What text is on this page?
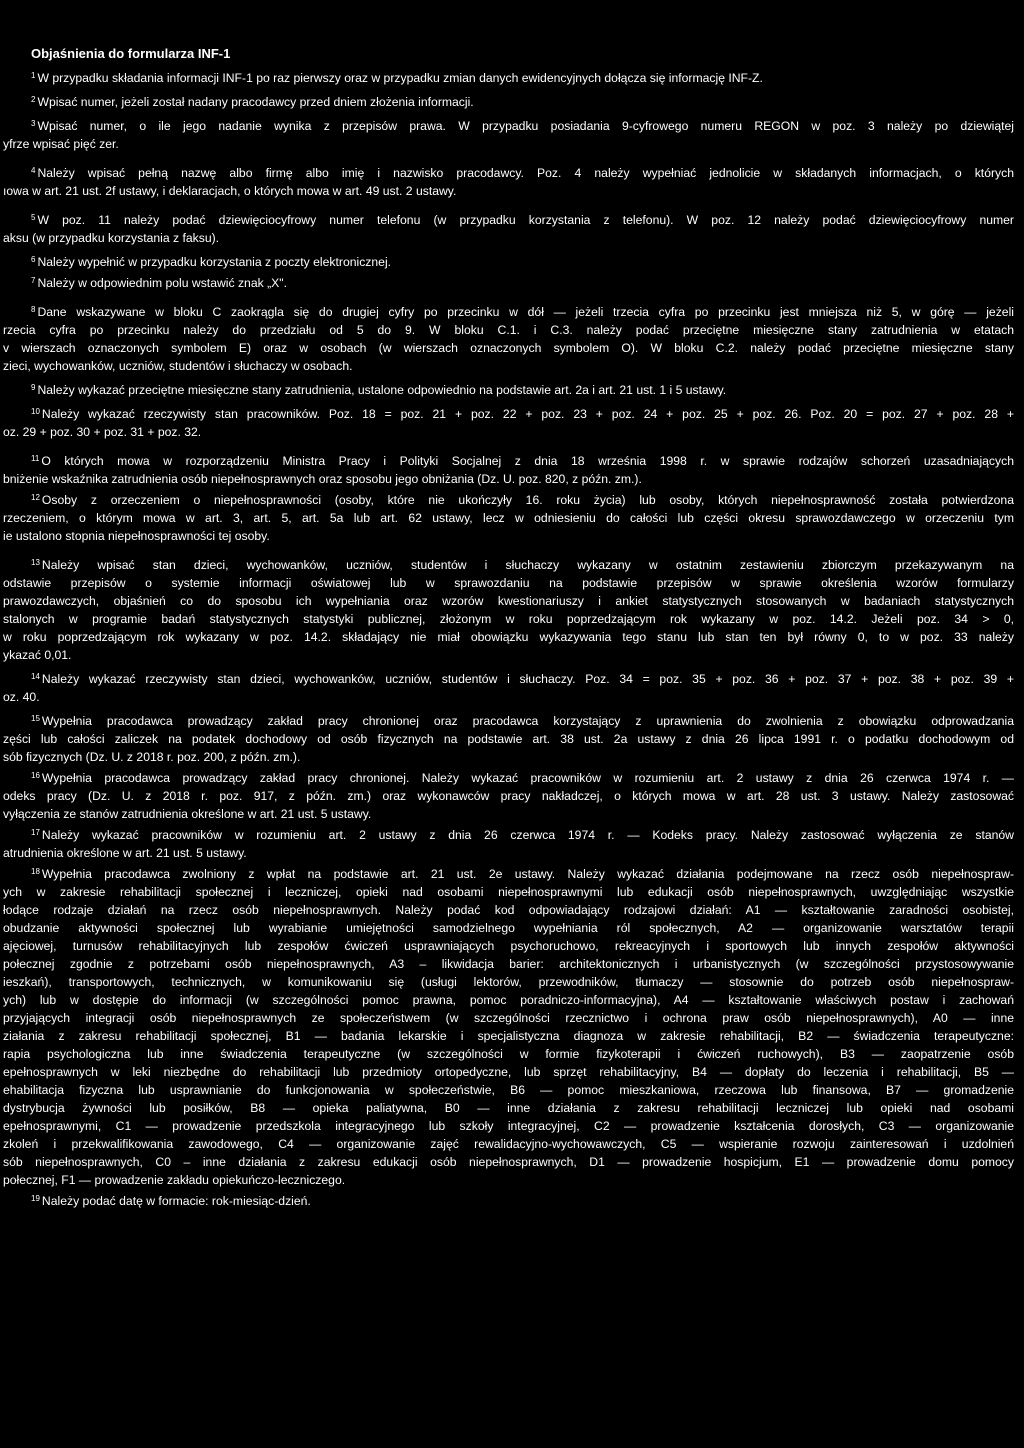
Objaśnienia do formularza INF-1
$^1$ W przypadku składania informacji INF-1 po raz pierwszy oraz w przypadku zmian danych ewidencyjnych dołącza się informację INF-Z.
$^2$ Wpisać numer, jeżeli został nadany pracodawcy przed dniem złożenia informacji.
$^3$ Wpisać numer, o ile jego nadanie wynika z przepisów prawa. W przypadku posiadania 9-cyfrowego numeru REGON w poz. 3 należy po dziewiątej
yfrze wpisać pięć zer.
$^4$ Należy wpisać pełną nazwę albo firmę albo imię i nazwisko pracodawcy. Poz. 4 należy wypełniać jednolicie w składanych informacjach, o których
ıowa w art. 21 ust. 2f ustawy, i deklaracjach, o których mowa w art. 49 ust. 2 ustawy.
$^5$ W poz. 11 należy podać dziewięciocyfrowy numer telefonu (w przypadku korzystania z telefonu). W poz. 12 należy podać dziewięciocyfrowy numer
aksu (w przypadku korzystania z faksu).
$^6$ Należy wypełnić w przypadku korzystania z poczty elektronicznej.
$^7$ Należy w odpowiednim polu wstawić znak „X".
$^8$ Dane wskazywane w bloku C zaokrągla się do drugiej cyfry po przecinku w dół — jeżeli trzecia cyfra po przecinku jest mniejsza niż 5, w górę — jeżeli
rzecia cyfra po przecinku należy do przedziału od 5 do 9. W bloku C.1. i C.3. należy podać przeciętne miesięczne stany zatrudnienia w etatach
v wierszach oznaczonych symbolem E) oraz w osobach (w wierszach oznaczonych symbolem O). W bloku C.2. należy podać przeciętne miesięczne stany
zieci, wychowanków, uczniów, studentów i słuchaczy w osobach.
$^9$ Należy wykazać przeciętne miesięczne stany zatrudnienia, ustalone odpowiednio na podstawie art. 2a i art. 21 ust. 1 i 5 ustawy.
$^{10}$ Należy wykazać rzeczywisty stan pracowników. Poz. 18 = poz. 21 + poz. 22 + poz. 23 + poz. 24 + poz. 25 + poz. 26. Poz. 20 = poz. 27 + poz. 28 +
oz. 29 + poz. 30 + poz. 31 + poz. 32.
$^{11}$ O których mowa w rozporządzeniu Ministra Pracy i Polityki Socjalnej z dnia 18 września 1998 r. w sprawie rodzajów schorzeń uzasadniających
bniżenie wskaźnika zatrudnienia osób niepełnosprawnych oraz sposobu jego obniżania (Dz. U. poz. 820, z późn. zm.).
$^{12}$ Osoby z orzeczeniem o niepełnosprawności (osoby, które nie ukończyły 16. roku życia) lub osoby, których niepełnosprawność została potwierdzona
rzeczeniem, o którym mowa w art. 3, art. 5, art. 5a lub art. 62 ustawy, lecz w odniesieniu do całości lub części okresu sprawozdawczego w orzeczeniu tym
ie ustalono stopnia niepełnosprawności tej osoby.
$^{13}$ Należy wpisać stan dzieci, wychowanków, uczniów, studentów i słuchaczy wykazany w ostatnim zestawieniu zbiorczym przekazywanym na
odstawie przepisów o systemie informacji oświatowej lub w sprawozdaniu na podstawie przepisów w sprawie określenia wzorów formularzy
prawozdawczych, objaśnień co do sposobu ich wypełniania oraz wzorów kwestionariuszy i ankiet statystycznych stosowanych w badaniach statystycznych
stalonych w programie badań statystycznych statystyki publicznej, złożonym w roku poprzedzającym rok wykazany w poz. 14.2. Jeżeli poz. 34 > 0,
w roku poprzedzającym rok wykazany w poz. 14.2. składający nie miał obowiązku wykazywania tego stanu lub stan ten był równy 0, to w poz. 33 należy
ykazać 0,01.
$^{14}$ Należy wykazać rzeczywisty stan dzieci, wychowanków, uczniów, studentów i słuchaczy. Poz. 34 = poz. 35 + poz. 36 + poz. 37 + poz. 38 + poz. 39 +
oz. 40.
$^{15}$ Wypełnia pracodawca prowadzący zakład pracy chronionej oraz pracodawca korzystający z uprawnienia do zwolnienia z obowiązku odprowadzania
zęści lub całości zaliczek na podatek dochodowy od osób fizycznych na podstawie art. 38 ust. 2a ustawy z dnia 26 lipca 1991 r. o podatku dochodowym od
sób fizycznych (Dz. U. z 2018 r. poz. 200, z późn. zm.).
$^{16}$ Wypełnia pracodawca prowadzący zakład pracy chronionej. Należy wykazać pracowników w rozumieniu art. 2 ustawy z dnia 26 czerwca 1974 r. —
odeks pracy (Dz. U. z 2018 r. poz. 917, z późn. zm.) oraz wykonawców pracy nakładczej, o których mowa w art. 28 ust. 3 ustawy. Należy zastosować
vyłączenia ze stanów zatrudnienia określone w art. 21 ust. 5 ustawy.
$^{17}$ Należy wykazać pracowników w rozumieniu art. 2 ustawy z dnia 26 czerwca 1974 r. — Kodeks pracy. Należy zastosować wyłączenia ze stanów
atrudnienia określone w art. 21 ust. 5 ustawy.
$^{18}$ Wypełnia pracodawca zwolniony z wpłat na podstawie art. 21 ust. 2e ustawy. Należy wykazać działania podejmowane na rzecz osób niepełnospraw-
ych w zakresie rehabilitacji społecznej i leczniczej, opieki nad osobami niepełnosprawnymi lub edukacji osób niepełnosprawnych, uwzględniając wszystkie
łodące rodzaje działań na rzecz osób niepełnosprawnych. Należy podać kod odpowiadający rodzajowi działań: A1 — kształtowanie zaradności osobistej,
obudzanie aktywności społecznej lub wyrabianie umiejętności samodzielnego wypełniania ról społecznych, A2 — organizowanie warsztatów terapii
ajęciowej, turnusów rehabilitacyjnych lub zespołów ćwiczeń usprawniających psychoruchowo, rekreacyjnych i sportowych lub innych zespołów aktywności
połecznej zgodnie z potrzebami osób niepełnosprawnych, A3 – likwidacja barier: architektonicznych i urbanistycznych (w szczególności przystosowywanie
ieszkań), transportowych, technicznych, w komunikowaniu się (usługi lektorów, przewodników, tłumaczy — stosownie do potrzeb osób niepełnospraw-
ych) lub w dostępie do informacji (w szczególności pomoc prawna, pomoc poradniczo-informacyjna), A4 — kształtowanie właściwych postaw i zachowań
przyjających integracji osób niepełnosprawnych ze społeczeństwem (w szczególności rzecznictwo i ochrona praw osób niepełnosprawnych), A0 — inne
ziałania z zakresu rehabilitacji społecznej, B1 — badania lekarskie i specjalistyczna diagnoza w zakresie rehabilitacji, B2 — świadczenia terapeutyczne:
rapia psychologiczna lub inne świadczenia terapeutyczne (w szczególności w formie fizykoterapii i ćwiczeń ruchowych), B3 — zaopatrzenie osób
epełnosprawnych w leki niezbędne do rehabilitacji lub przedmioty ortopedyczne, lub sprzęt rehabilitacyjny, B4 — dopłaty do leczenia i rehabilitacji, B5 —
ehabilitacja fizyczna lub usprawnianie do funkcjonowania w społeczeństwie, B6 — pomoc mieszkaniowa, rzeczowa lub finansowa, B7 — gromadzenie
dystrybucja żywności lub posiłków, B8 — opieka paliatywna, B0 — inne działania z zakresu rehabilitacji leczniczej lub opieki nad osobami
epełnosprawnymi, C1 — prowadzenie przedszkola integracyjnego lub szkoły integracyjnej, C2 — prowadzenie kształcenia dorosłych, C3 — organizowanie
zkoleń i przekwalifikowania zawodowego, C4 — organizowanie zajęć rewalidacyjno-wychowawczych, C5 — wspieranie rozwoju zainteresowań i uzdolnień
sób niepełnosprawnych, C0 – inne działania z zakresu edukacji osób niepełnosprawnych, D1 — prowadzenie hospicjum, E1 — prowadzenie domu pomocy
połecznej, F1 — prowadzenie zakładu opiekuńczo-leczniczego.
$^{19}$ Należy podać datę w formacie: rok-miesiąc-dzień.
